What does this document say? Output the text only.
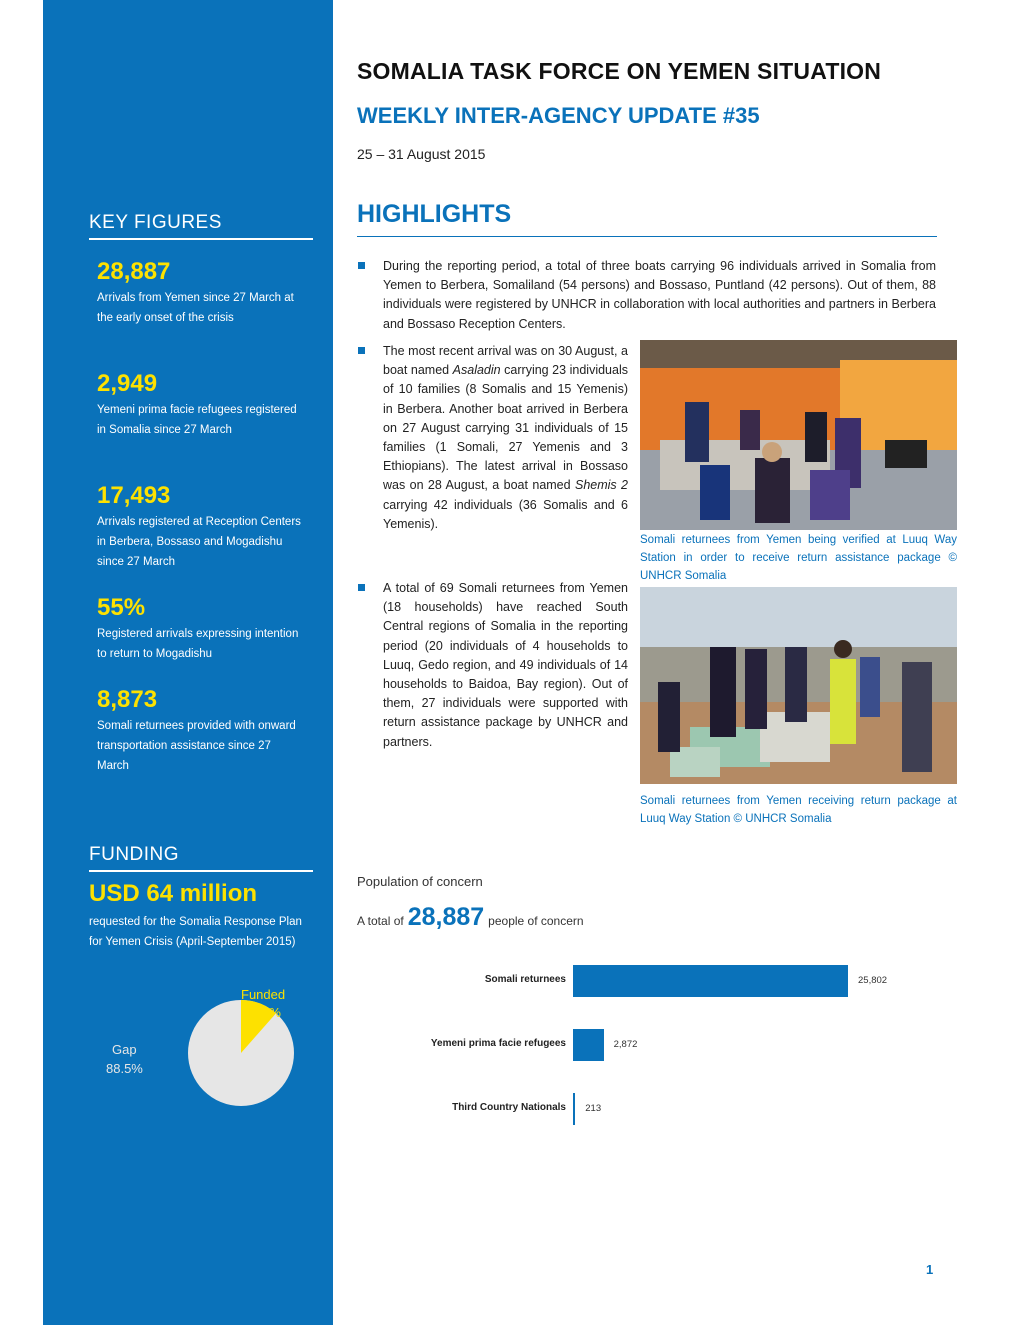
KEY FIGURES
28,887
Arrivals from Yemen since 27 March at the early onset of the crisis
2,949
Yemeni prima facie refugees registered in Somalia since 27 March
17,493
Arrivals registered at Reception Centers in Berbera, Bossaso and Mogadishu since 27 March
55%
Registered arrivals expressing intention to return to Mogadishu
8,873
Somali returnees provided with onward transportation assistance since 27 March
FUNDING
USD 64 million
requested for the Somalia Response Plan for Yemen Crisis (April-September 2015)
Funded
11.5%
Gap
88.5%
SOMALIA TASK FORCE ON YEMEN SITUATION
WEEKLY INTER-AGENCY UPDATE #35
25 – 31 August 2015
HIGHLIGHTS
During the reporting period, a total of three boats carrying 96 individuals arrived in Somalia from Yemen to Berbera, Somaliland (54 persons) and Bossaso, Puntland (42 persons). Out of them, 88 individuals were registered by UNHCR in collaboration with local authorities and partners in Berbera and Bossaso Reception Centers.
The most recent arrival was on 30 August, a boat named Asaladin carrying 23 individuals of 10 families (8 Somalis and 15 Yemenis) in Berbera. Another boat arrived in Berbera on 27 August carrying 31 individuals of 15 families (1 Somali, 27 Yemenis and 3 Ethiopians). The latest arrival in Bossaso was on 28 August, a boat named Shemis 2 carrying 42 individuals (36 Somalis and 6 Yemenis).
A total of 69 Somali returnees from Yemen (18 households) have reached South Central regions of Somalia in the reporting period (20 individuals of 4 households to Luuq, Gedo region, and 49 individuals of 14 households to Baidoa, Bay region). Out of them, 27 individuals were supported with return assistance package by UNHCR and partners.
Somali returnees from Yemen being verified at Luuq Way Station in order to receive return assistance package © UNHCR Somalia
Somali returnees from Yemen receiving return package at Luuq Way Station © UNHCR Somalia
Population of concern
A total of 28,887 people of concern
Somali returnees	25,802
Yemeni prima facie refugees	2,872
Third Country Nationals 213
1
